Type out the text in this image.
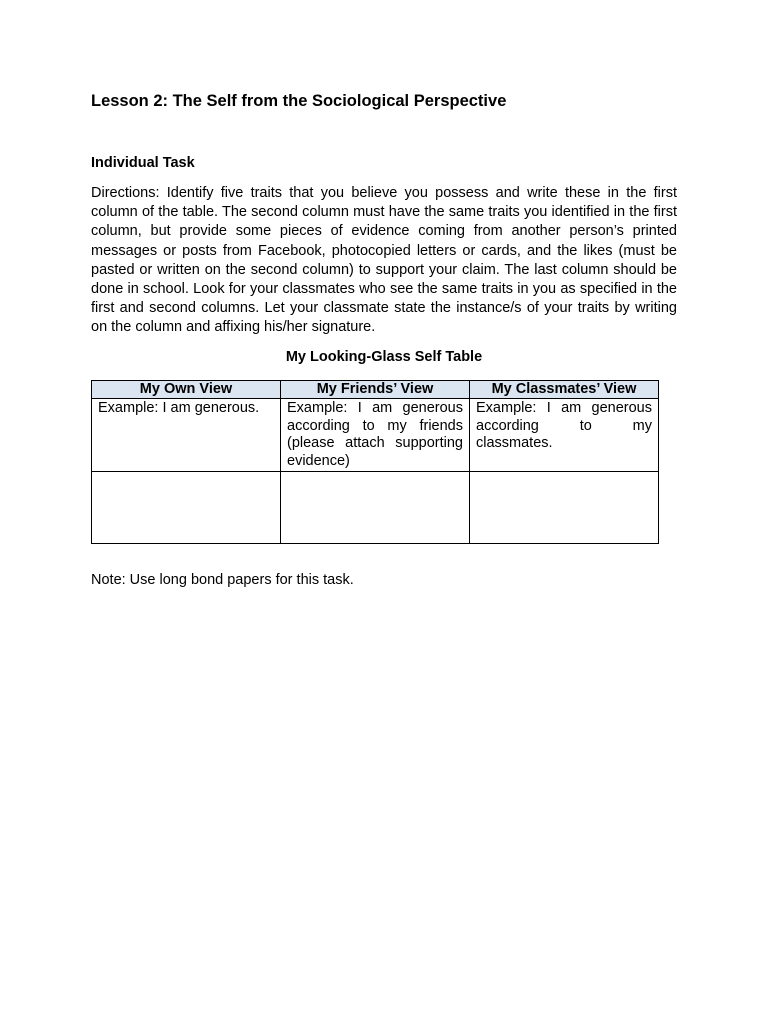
Lesson 2: The Self from the Sociological Perspective
Individual Task

Directions: Identify five traits that you believe you possess and write these in the first column of the table. The second column must have the same traits you identified in the first column, but provide some pieces of evidence coming from another person’s printed messages or posts from Facebook, photocopied letters or cards, and the likes (must be pasted or written on the second column) to support your claim. The last column should be done in school. Look for your classmates who see the same traits in you as specified in the first and second columns. Let your classmate state the instance/s of your traits by writing on the column and affixing his/her signature.

My Looking-Glass Self Table

My Own View	My Friends’ View	My Classmates’ View
Example: I am generous.	Example: I am generous according to my friends (please attach supporting evidence)	Example: I am generous according to my classmates.

Note: Use long bond papers for this task.
